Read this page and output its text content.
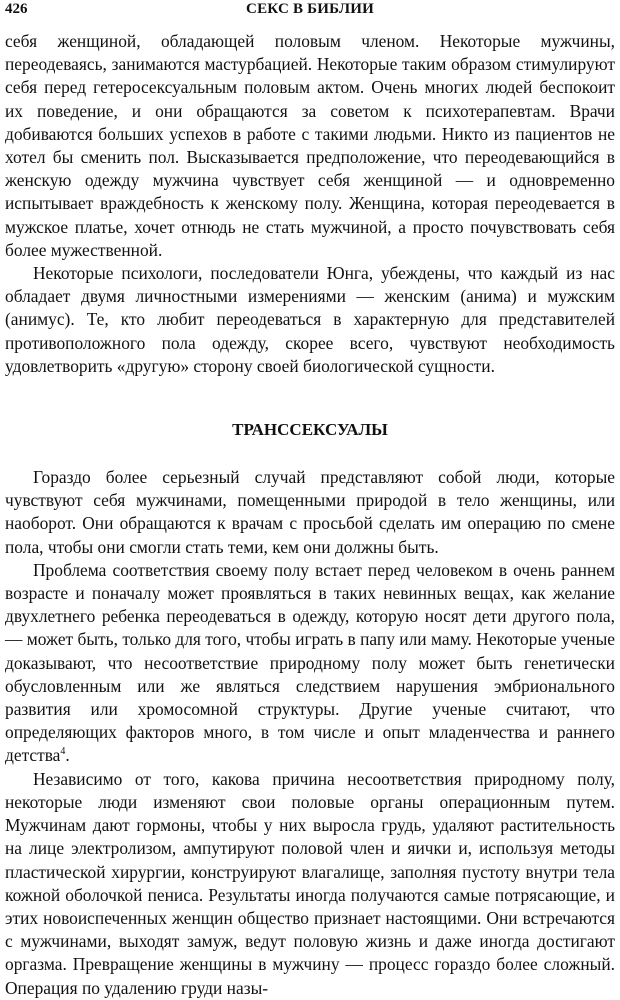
426	СЕКС В БИБЛИИ

себя женщиной, обладающей половым членом. Некоторые мужчины, переодеваясь, занимаются мастурбацией. Некоторые таким образом стимулируют себя перед гетеросексуальным половым актом. Очень многих людей беспокоит их поведение, и они обращаются за советом к психотерапевтам. Врачи добиваются больших успехов в работе с такими людьми. Никто из пациентов не хотел бы сменить пол. Высказывается предположение, что переодевающийся в женскую одежду мужчина чувствует себя женщиной — и одновременно испытывает враждебность к женскому полу. Женщина, которая переодевается в мужское платье, хочет отнюдь не стать мужчиной, а просто почувствовать себя более мужественной.

Некоторые психологи, последователи Юнга, убеждены, что каждый из нас обладает двумя личностными измерениями — женским (анима) и мужским (анимус). Те, кто любит переодеваться в характерную для представителей противоположного пола одежду, скорее всего, чувствуют необходимость удовлетворить «другую» сторону своей биологической сущности.

ТРАНССЕКСУАЛЫ

Гораздо более серьезный случай представляют собой люди, которые чувствуют себя мужчинами, помещенными природой в тело женщины, или наоборот. Они обращаются к врачам с просьбой сделать им операцию по смене пола, чтобы они смогли стать теми, кем они должны быть.

Проблема соответствия своему полу встает перед человеком в очень раннем возрасте и поначалу может проявляться в таких невинных вещах, как желание двухлетнего ребенка переодеваться в одежду, которую носят дети другого пола, — может быть, только для того, чтобы играть в папу или маму. Некоторые ученые доказывают, что несоответствие природному полу может быть генетически обусловленным или же являться следствием нарушения эмбрионального развития или хромосомной структуры. Другие ученые считают, что определяющих факторов много, в том числе и опыт младенчества и раннего детства$^4$.

Независимо от того, какова причина несоответствия природному полу, некоторые люди изменяют свои половые органы операционным путем. Мужчинам дают гормоны, чтобы у них выросла грудь, удаляют растительность на лице электролизом, ампутируют половой член и яички и, используя методы пластической хирургии, конструируют влагалище, заполняя пустоту внутри тела кожной оболочкой пениса. Результаты иногда получаются самые потрясающие, и этих новоиспеченных женщин общество признает настоящими. Они встречаются с мужчинами, выходят замуж, ведут половую жизнь и даже иногда достигают оргазма. Превращение женщины в мужчину — процесс гораздо более сложный. Операция по удалению груди назы-
